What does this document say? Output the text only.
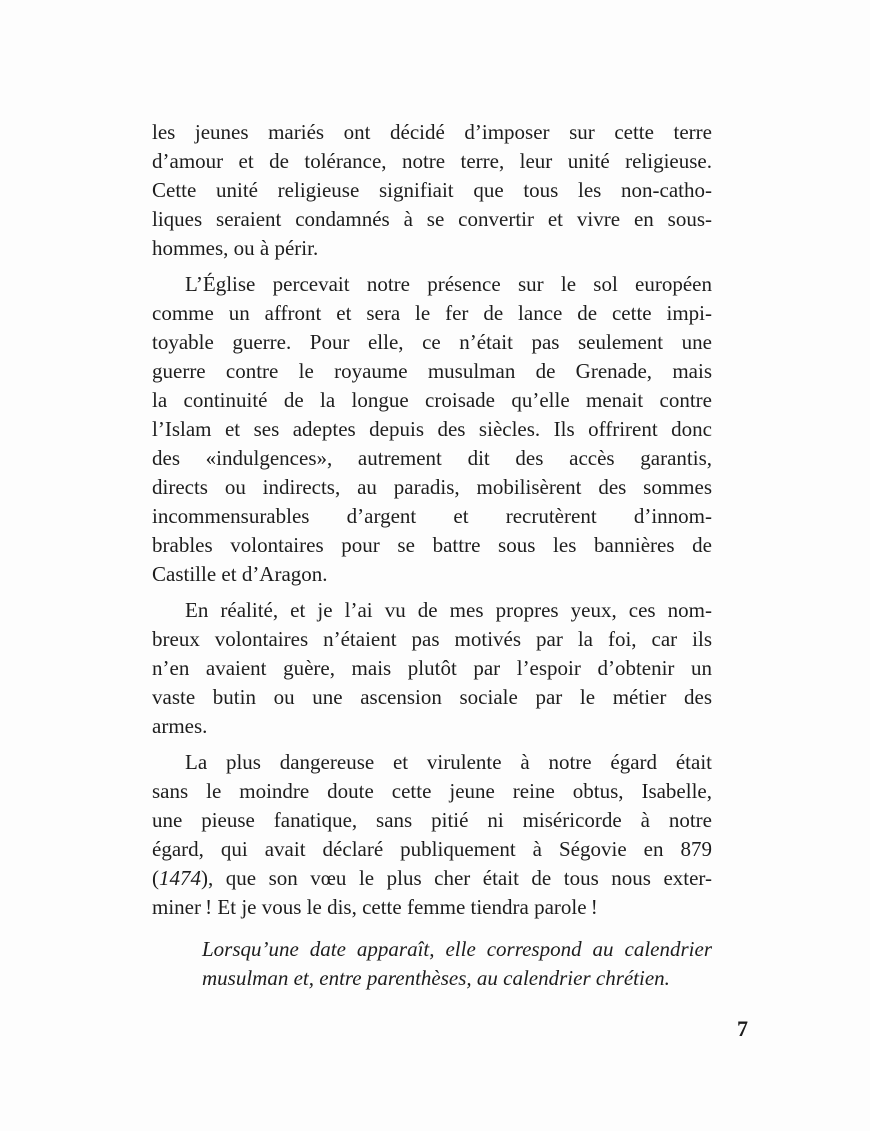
les jeunes mariés ont décidé d’imposer sur cette terre
d’amour et de tolérance, notre terre, leur unité religieuse.
Cette unité religieuse signifiait que tous les non-catho-
liques seraient condamnés à se convertir et vivre en sous-
hommes, ou à périr.
L’Église percevait notre présence sur le sol européen
comme un affront et sera le fer de lance de cette impi-
toyable guerre. Pour elle, ce n’était pas seulement une
guerre contre le royaume musulman de Grenade, mais
la continuité de la longue croisade qu’elle menait contre
l’Islam et ses adeptes depuis des siècles. Ils offrirent donc
des «indulgences», autrement dit des accès garantis,
directs ou indirects, au paradis, mobilisèrent des sommes
incommensurables d’argent et recrutèrent d’innom-
brables volontaires pour se battre sous les bannières de
Castille et d’Aragon.
En réalité, et je l’ai vu de mes propres yeux, ces nom-
breux volontaires n’étaient pas motivés par la foi, car ils
n’en avaient guère, mais plutôt par l’espoir d’obtenir un
vaste butin ou une ascension sociale par le métier des
armes.
La plus dangereuse et virulente à notre égard était
sans le moindre doute cette jeune reine obtus, Isabelle,
une pieuse fanatique, sans pitié ni miséricorde à notre
égard, qui avait déclaré publiquement à Ségovie en 879
(1474), que son vœu le plus cher était de tous nous exter-
miner ! Et je vous le dis, cette femme tiendra parole !
Lorsqu’une date apparaît, elle correspond au calendrier
musulman et, entre parenthèses, au calendrier chrétien.
7
